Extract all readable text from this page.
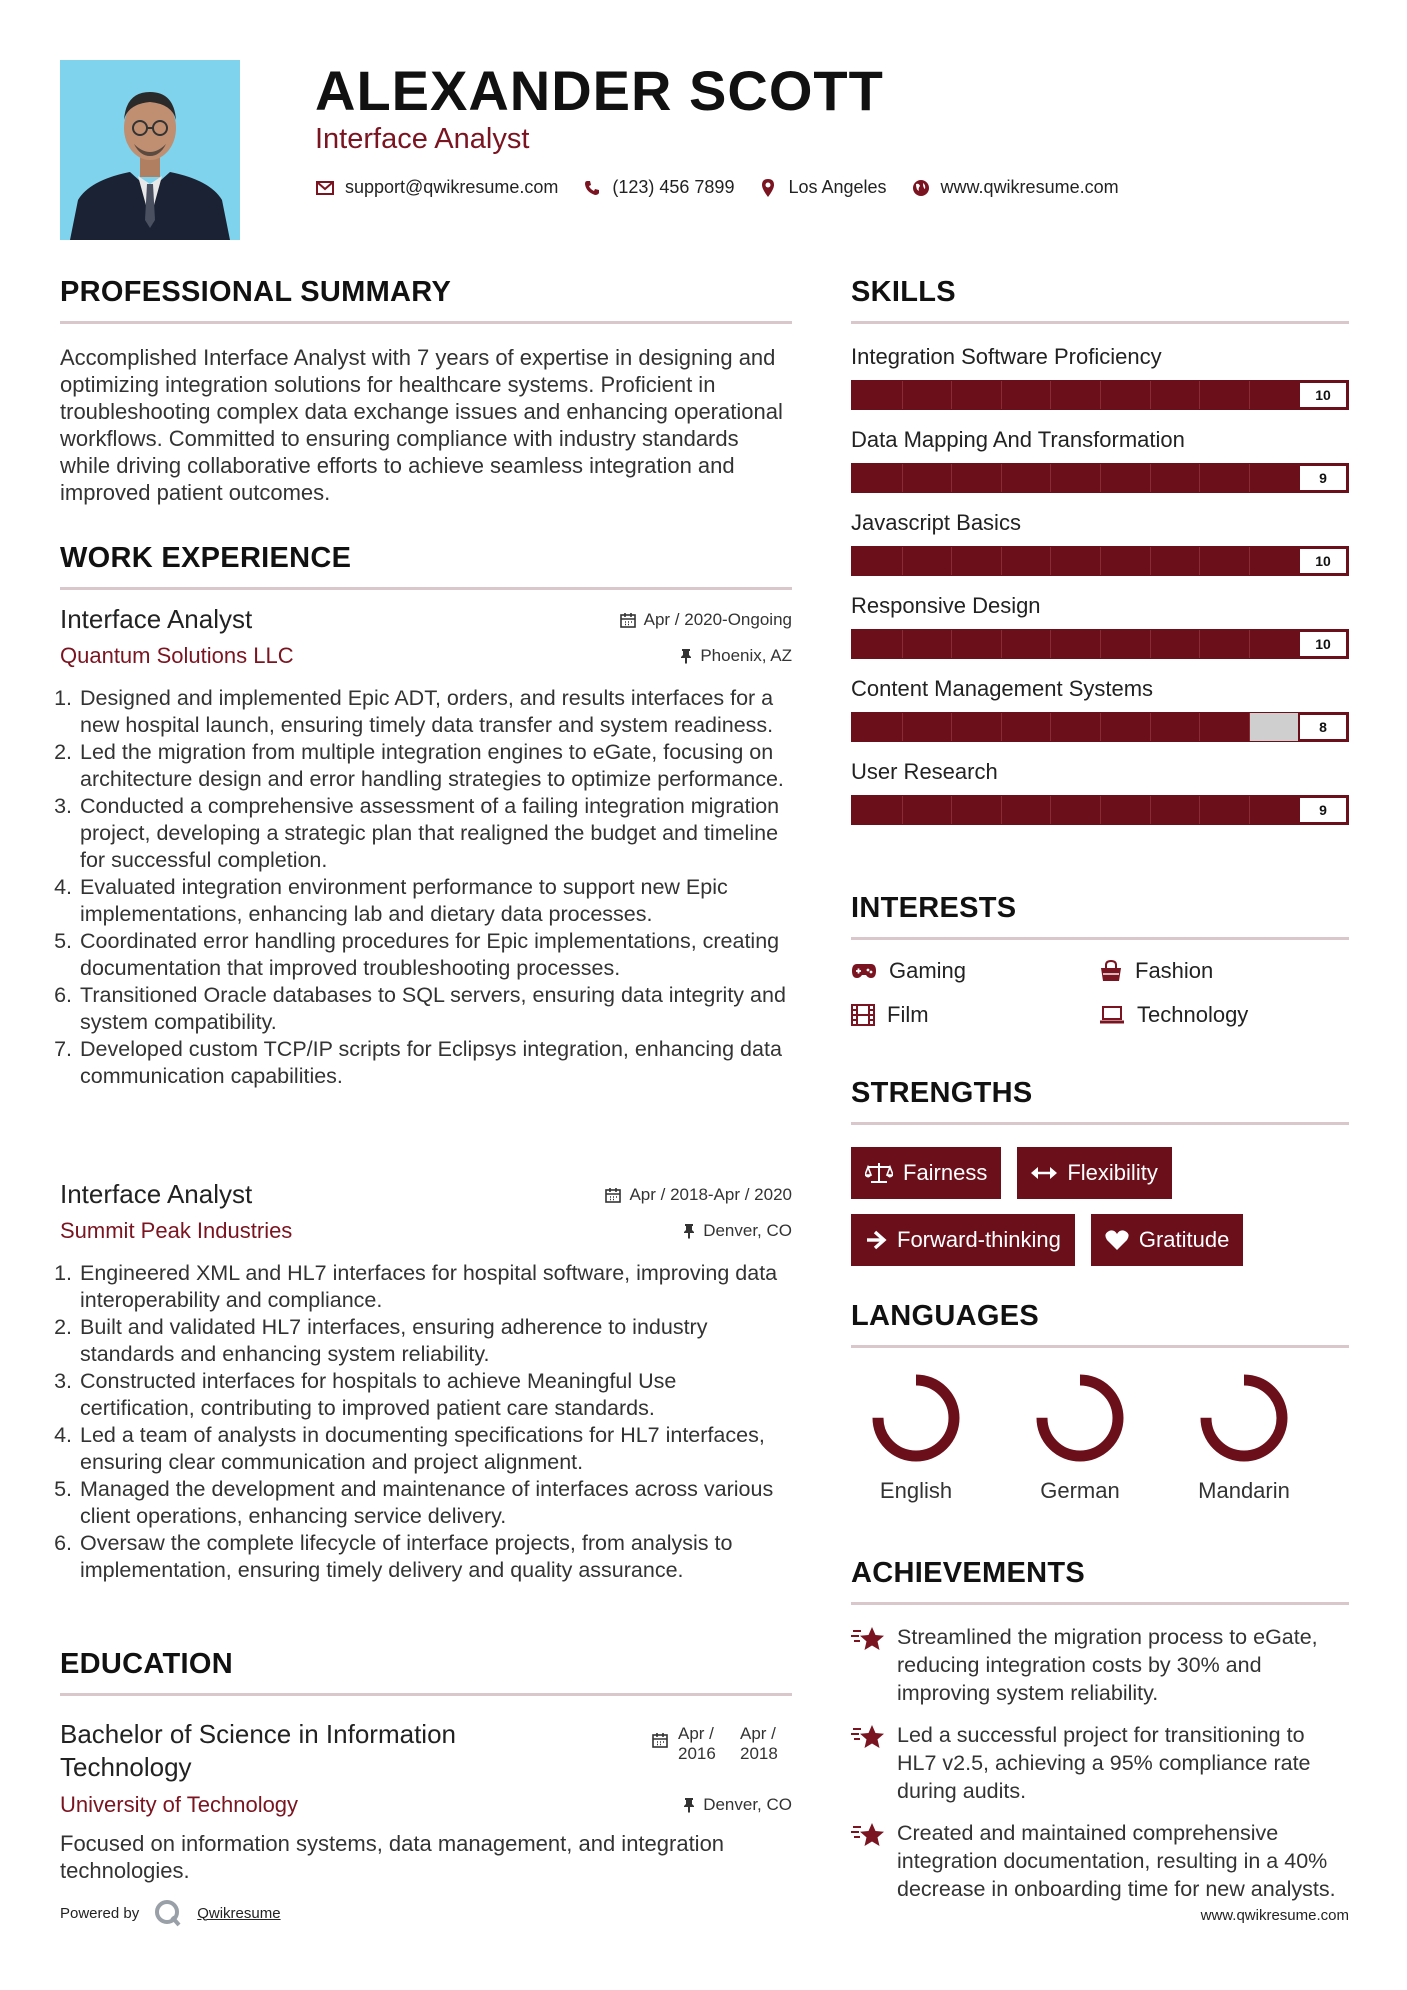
ALEXANDER SCOTT
Interface Analyst
support@qwikresume.com	(123) 456 7899	Los Angeles	www.qwikresume.com
PROFESSIONAL SUMMARY

Accomplished Interface Analyst with 7 years of expertise in designing and optimizing integration solutions for healthcare systems. Proficient in troubleshooting complex data exchange issues and enhancing operational workflows. Committed to ensuring compliance with industry standards while driving collaborative efforts to achieve seamless integration and improved patient outcomes.

WORK EXPERIENCE
Interface Analyst	Apr / 2020-Ongoing
Quantum Solutions LLC	Phoenix, AZ
1. Designed and implemented Epic ADT, orders, and results interfaces for a new hospital launch, ensuring timely data transfer and system readiness.
2. Led the migration from multiple integration engines to eGate, focusing on architecture design and error handling strategies to optimize performance.
3. Conducted a comprehensive assessment of a failing integration migration project, developing a strategic plan that realigned the budget and timeline for successful completion.
4. Evaluated integration environment performance to support new Epic implementations, enhancing lab and dietary data processes.
5. Coordinated error handling procedures for Epic implementations, creating documentation that improved troubleshooting processes.
6. Transitioned Oracle databases to SQL servers, ensuring data integrity and system compatibility.
7. Developed custom TCP/IP scripts for Eclipsys integration, enhancing data communication capabilities.
Interface Analyst	Apr / 2018-Apr / 2020
Summit Peak Industries	Denver, CO
1. Engineered XML and HL7 interfaces for hospital software, improving data interoperability and compliance.
2. Built and validated HL7 interfaces, ensuring adherence to industry standards and enhancing system reliability.
3. Constructed interfaces for hospitals to achieve Meaningful Use certification, contributing to improved patient care standards.
4. Led a team of analysts in documenting specifications for HL7 interfaces, ensuring clear communication and project alignment.
5. Managed the development and maintenance of interfaces across various client operations, enhancing service delivery.
6. Oversaw the complete lifecycle of interface projects, from analysis to implementation, ensuring timely delivery and quality assurance.
EDUCATION
Bachelor of Science in Information
Technology
Apr /
2016
Apr /
2018
University of Technology	Denver, CO

Focused on information systems, data management, and integration technologies.

Powered by	Qwikresume	www.qwikresume.com
SKILLS
Integration Software Proficiency
10
Data Mapping And Transformation
9
Javascript Basics
10
Responsive Design
10
Content Management Systems
8
User Research
9
INTERESTS
Gaming	Fashion
Film	Technology
STRENGTHS
Fairness	Flexibility
Forward-thinking	Gratitude
LANGUAGES
English	German	Mandarin
ACHIEVEMENTS
Streamlined the migration process to eGate, reducing integration costs by 30% and improving system reliability.
Led a successful project for transitioning to HL7 v2.5, achieving a 95% compliance rate during audits.
Created and maintained comprehensive integration documentation, resulting in a 40% decrease in onboarding time for new analysts.
